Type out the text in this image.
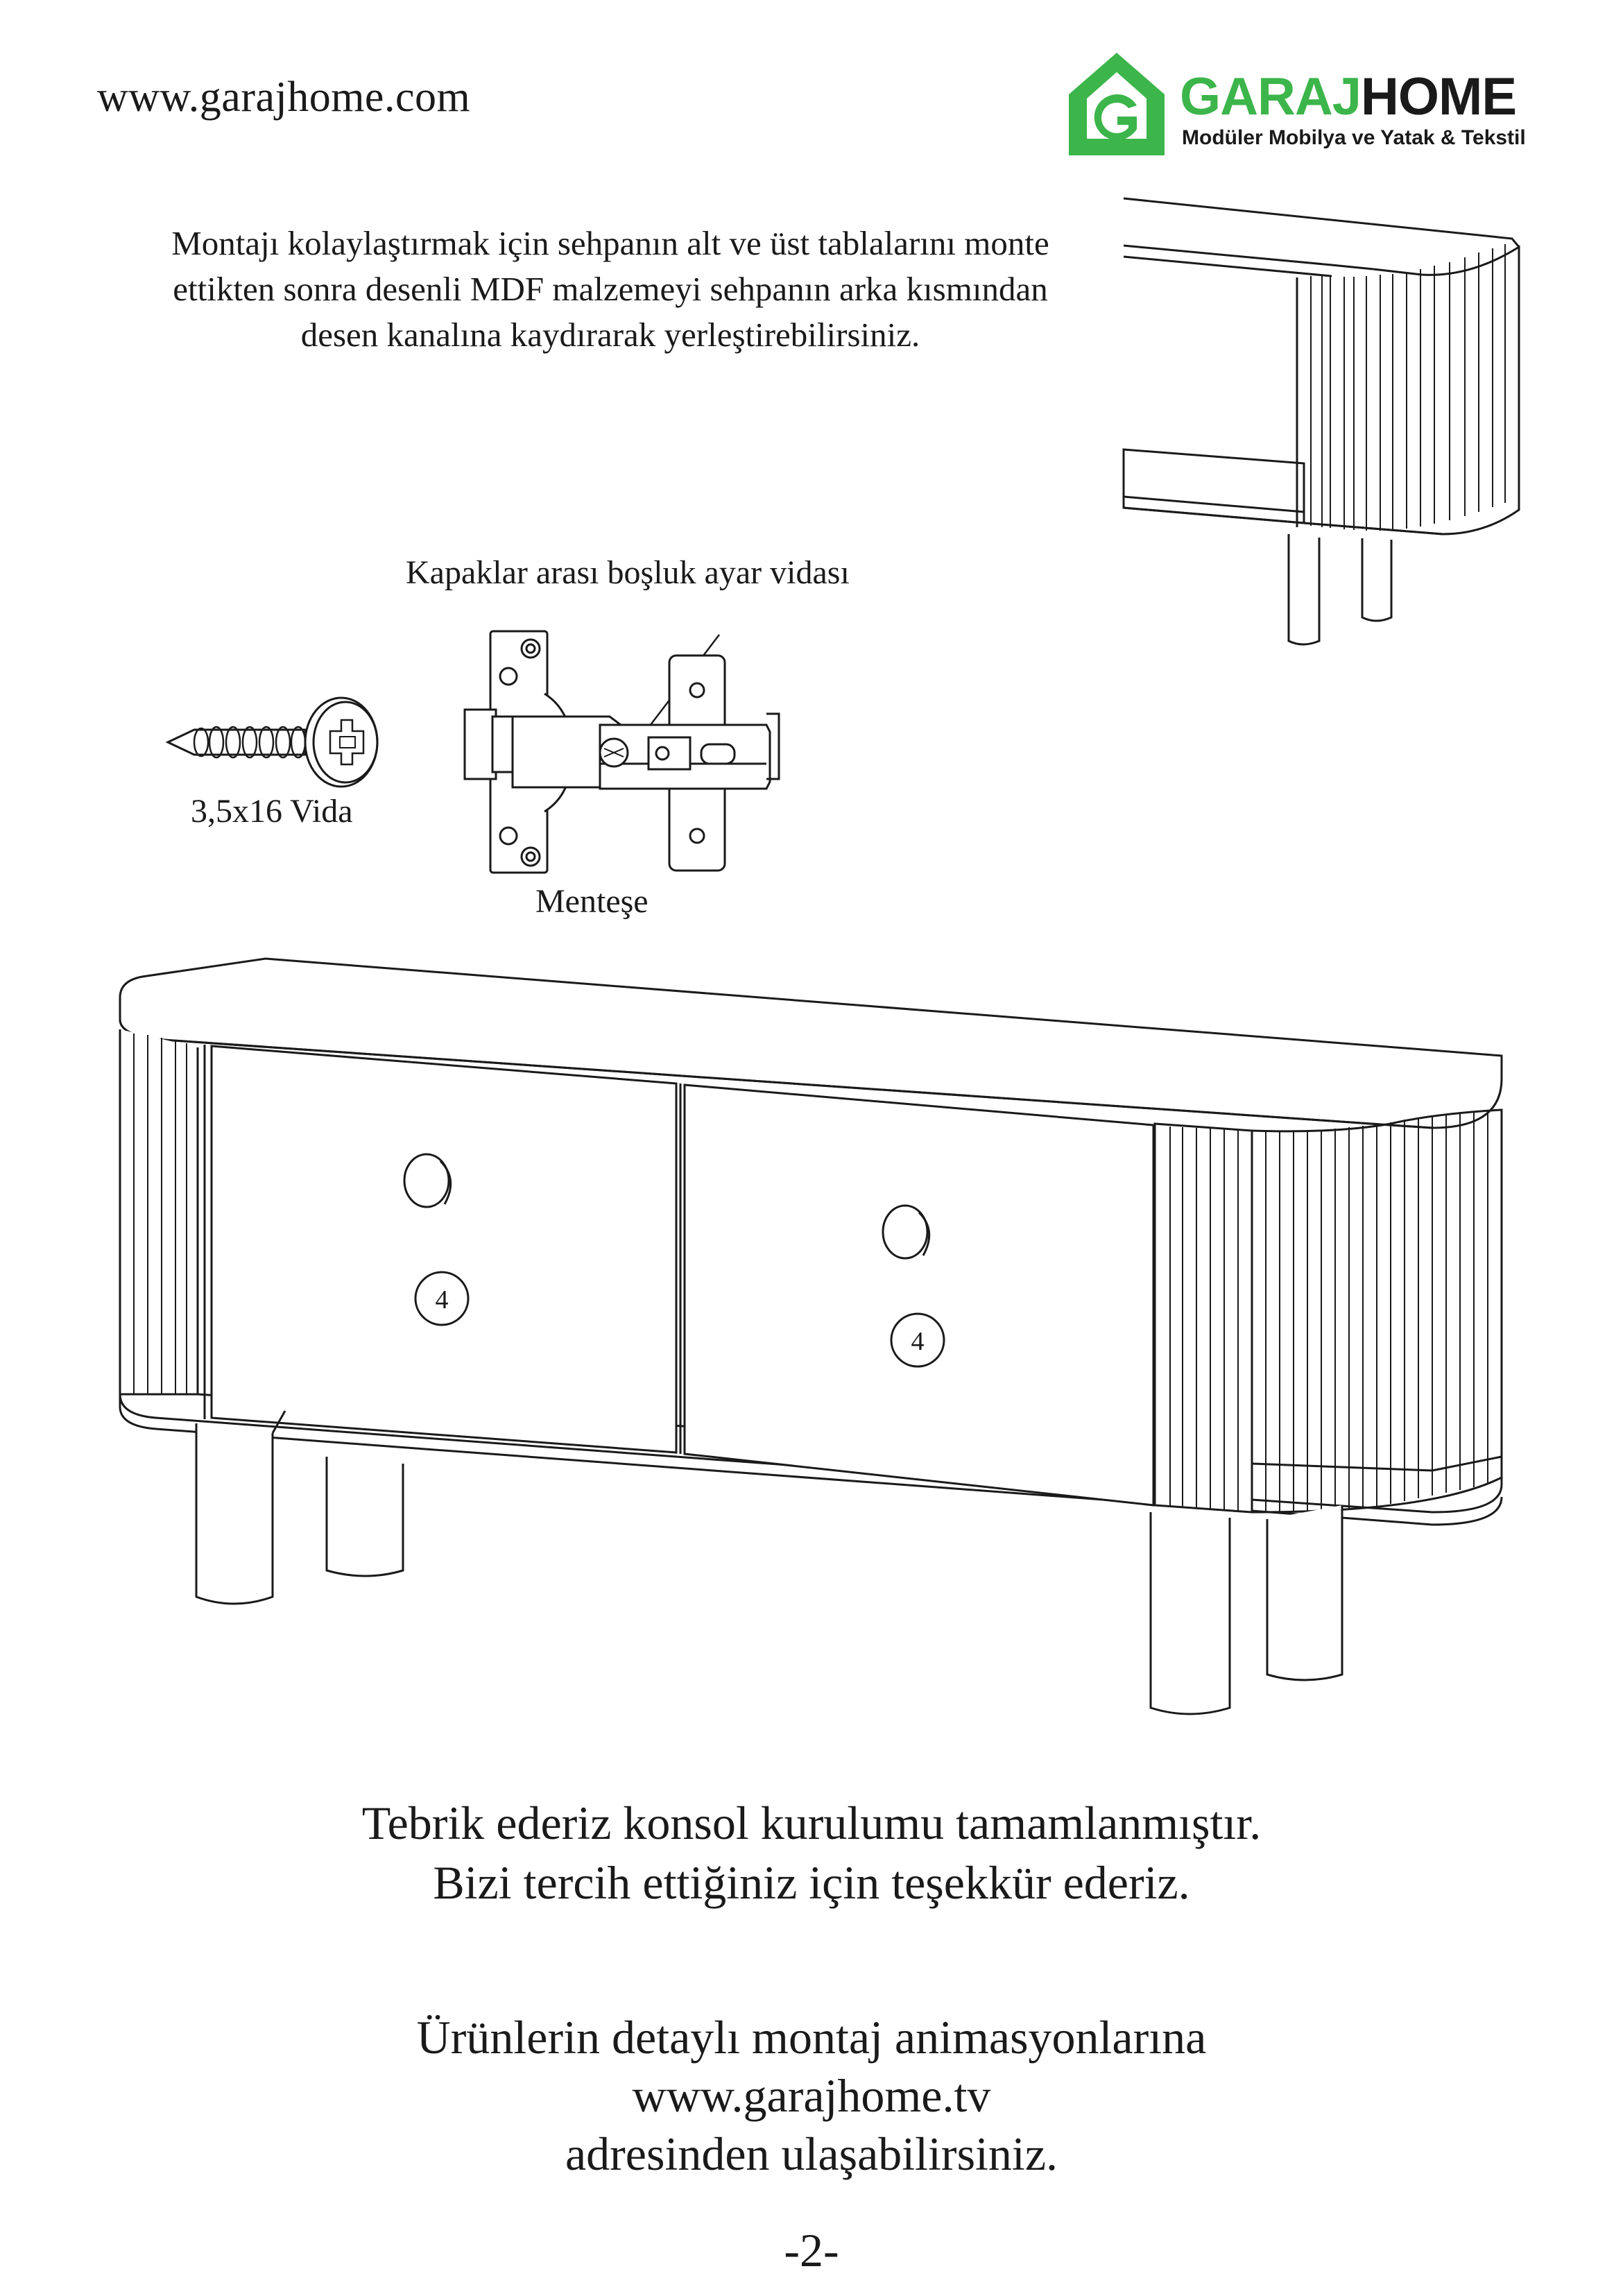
www.garajhome.com	GARAJHOME
Modüler Mobilya ve Yatak & Tekstil
Montajı kolaylaştırmak için sehpanın alt ve üst tablalarını monte
ettikten sonra desenli MDF malzemeyi sehpanın arka kısmından
desen kanalına kaydırarak yerleştirebilirsiniz.
3,5x16 Vida
Kapaklar arası boşluk ayar vidası
Menteşe
4
4
Tebrik ederiz konsol kurulumu tamamlanmıştır.
Bizi tercih ettiğiniz için teşekkür ederiz.
Ürünlerin detaylı montaj animasyonlarına
www.garajhome.tv
adresinden ulaşabilirsiniz.
-2-
